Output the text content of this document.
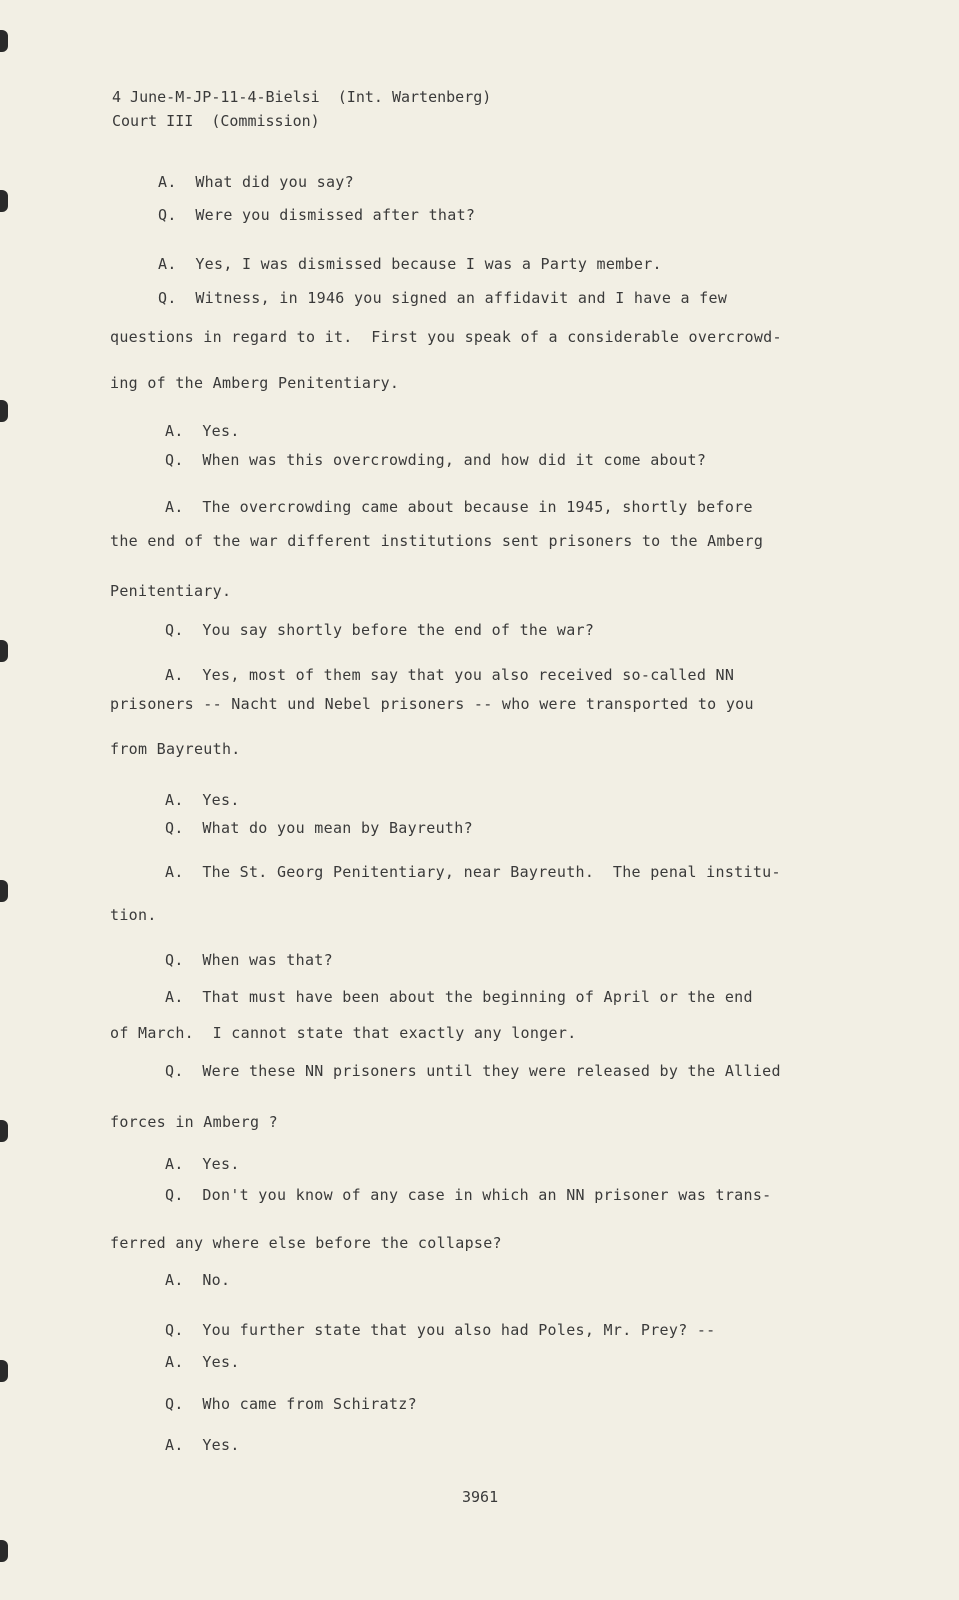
4 June-M-JP-11-4-Bielsi  (Int. Wartenberg)
Court III  (Commission)
A.  What did you say?
Q.  Were you dismissed after that?
A.  Yes, I was dismissed because I was a Party member.
Q.  Witness, in 1946 you signed an affidavit and I have a few
questions in regard to it.  First you speak of a considerable overcrowd-
ing of the Amberg Penitentiary.
A.  Yes.
Q.  When was this overcrowding, and how did it come about?
A.  The overcrowding came about because in 1945, shortly before
the end of the war different institutions sent prisoners to the Amberg
Penitentiary.
Q.  You say shortly before the end of the war?
A.  Yes, most of them say that you also received so-called NN
prisoners -- Nacht und Nebel prisoners -- who were transported to you
from Bayreuth.
A.  Yes.
Q.  What do you mean by Bayreuth?
A.  The St. Georg Penitentiary, near Bayreuth.  The penal institu-
tion.
Q.  When was that?
A.  That must have been about the beginning of April or the end
of March.  I cannot state that exactly any longer.
Q.  Were these NN prisoners until they were released by the Allied
forces in Amberg ?
A.  Yes.
Q.  Don't you know of any case in which an NN prisoner was trans-
ferred any where else before the collapse?
A.  No.
Q.  You further state that you also had Poles, Mr. Prey? --
A.  Yes.
Q.  Who came from Schiratz?
A.  Yes.
3961
